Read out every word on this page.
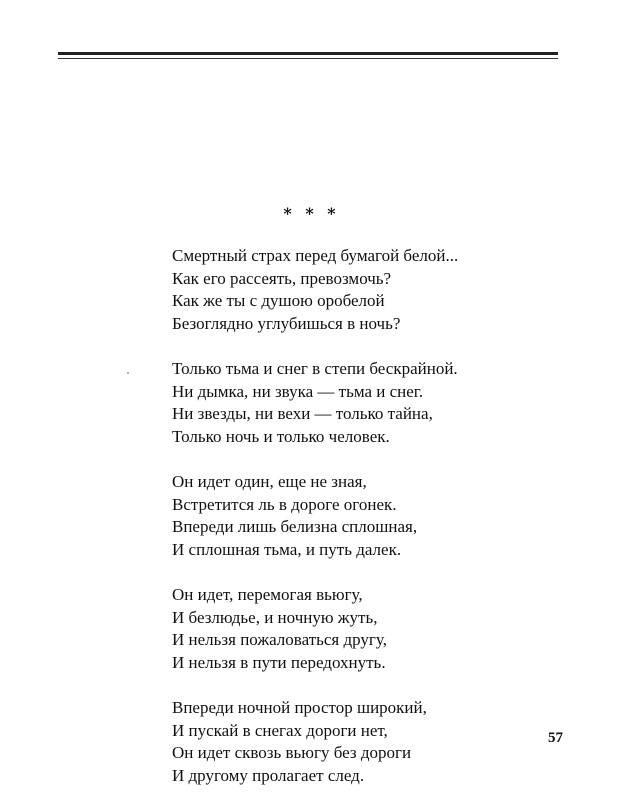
* * *
Смертный страх перед бумагой белой...
Как его рассеять, превозмочь?
Как же ты с душою оробелой
Безоглядно углубишься в ночь?
Только тьма и снег в степи бескрайной.
Ни дымка, ни звука — тьма и снег.
Ни звезды, ни вехи — только тайна,
Только ночь и только человек.
Он идет один, еще не зная,
Встретится ль в дороге огонек.
Впереди лишь белизна сплошная,
И сплошная тьма, и путь далек.
Он идет, перемогая вьюгу,
И безлюдье, и ночную жуть,
И нельзя пожаловаться другу,
И нельзя в пути передохнуть.
Впереди ночной простор широкий,
И пускай в снегах дороги нет,
Он идет сквозь вьюгу без дороги
И другому пролагает след.
57
